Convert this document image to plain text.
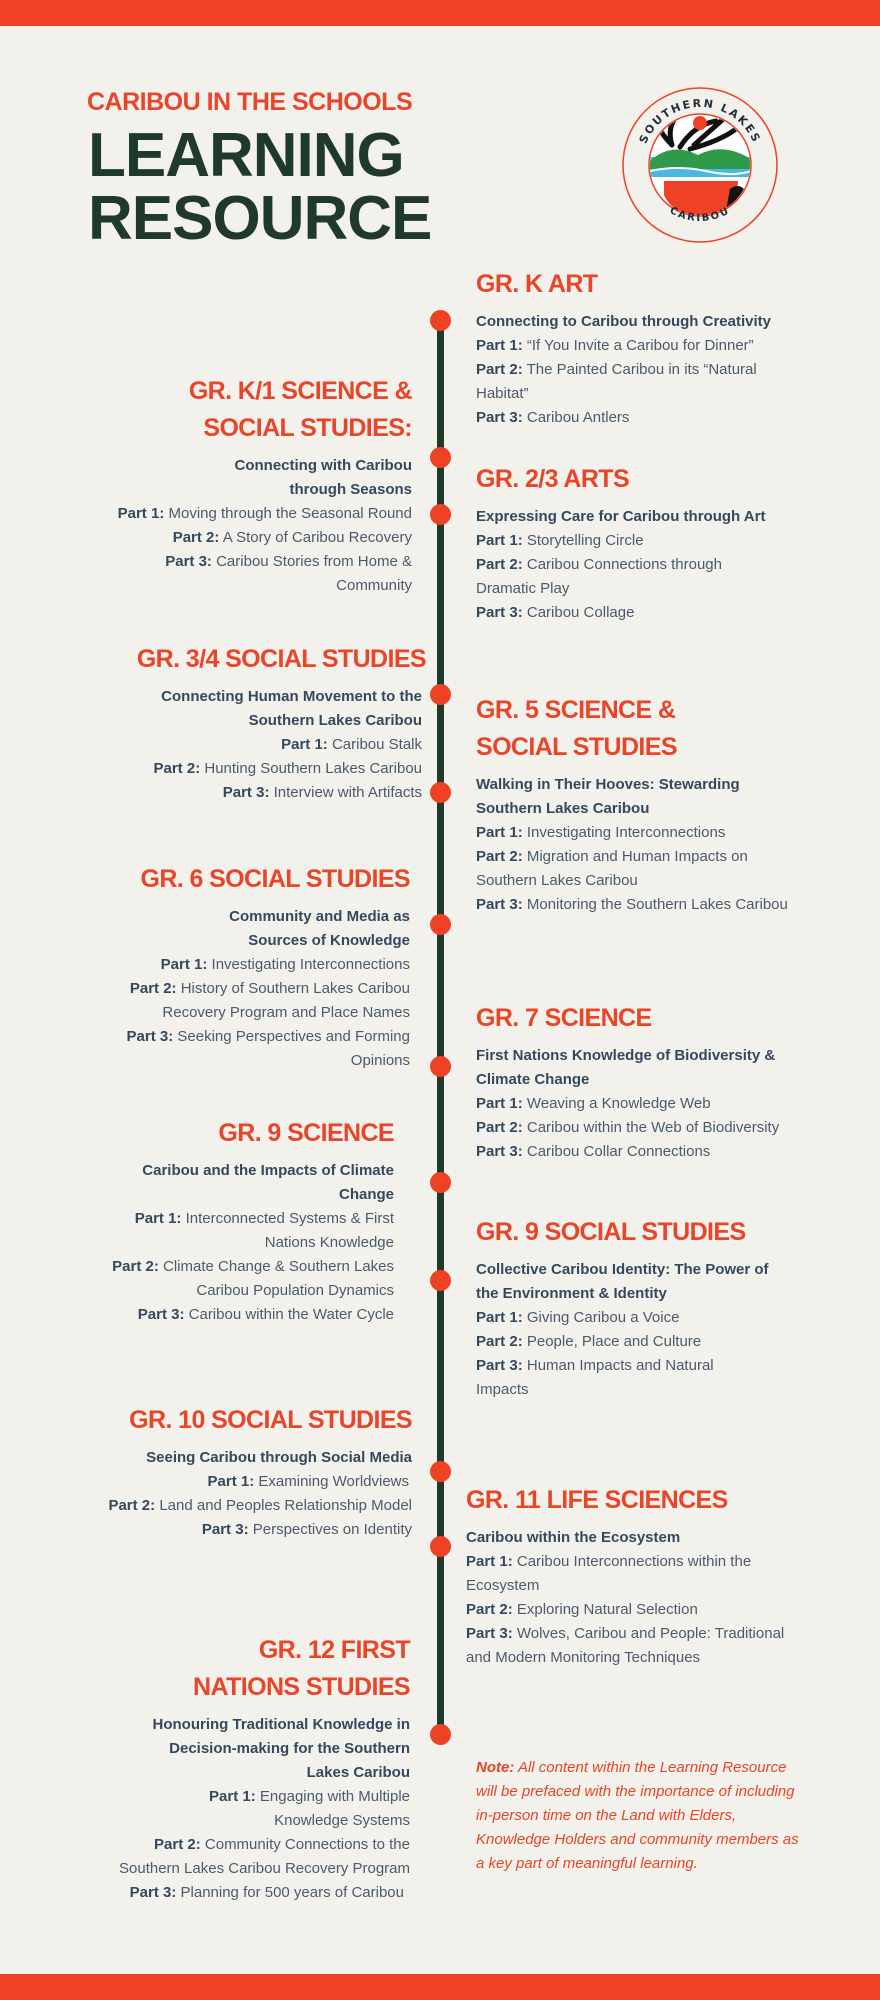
CARIBOU IN THE SCHOOLS
LEARNING
RESOURCE
SOUTHERN LAKES
CARIBOU
GR. K ART
Connecting to Caribou through Creativity
Part 1: “If You Invite a Caribou for Dinner”
Part 2: The Painted Caribou in its “Natural Habitat”
Part 3: Caribou Antlers
GR. K/1 SCIENCE & SOCIAL STUDIES:
Connecting with Caribou through Seasons
Part 1: Moving through the Seasonal Round
Part 2: A Story of Caribou Recovery
Part 3: Caribou Stories from Home & Community
GR. 2/3 ARTS
Expressing Care for Caribou through Art
Part 1: Storytelling Circle
Part 2: Caribou Connections through Dramatic Play
Part 3: Caribou Collage
GR. 3/4 SOCIAL STUDIES
Connecting Human Movement to the Southern Lakes Caribou
Part 1: Caribou Stalk
Part 2: Hunting Southern Lakes Caribou
Part 3: Interview with Artifacts
GR. 5 SCIENCE & SOCIAL STUDIES
Walking in Their Hooves: Stewarding Southern Lakes Caribou
Part 1: Investigating Interconnections
Part 2: Migration and Human Impacts on Southern Lakes Caribou
Part 3: Monitoring the Southern Lakes Caribou
GR. 6 SOCIAL STUDIES
Community and Media as Sources of Knowledge
Part 1: Investigating Interconnections
Part 2: History of Southern Lakes Caribou Recovery Program and Place Names
Part 3: Seeking Perspectives and Forming Opinions
GR. 7 SCIENCE
First Nations Knowledge of Biodiversity & Climate Change
Part 1: Weaving a Knowledge Web
Part 2: Caribou within the Web of Biodiversity
Part 3: Caribou Collar Connections
GR. 9 SCIENCE
Caribou and the Impacts of Climate Change
Part 1: Interconnected Systems & First Nations Knowledge
Part 2: Climate Change & Southern Lakes Caribou Population Dynamics
Part 3: Caribou within the Water Cycle
GR. 9 SOCIAL STUDIES
Collective Caribou Identity: The Power of the Environment & Identity
Part 1: Giving Caribou a Voice
Part 2: People, Place and Culture
Part 3: Human Impacts and Natural Impacts
GR. 10 SOCIAL STUDIES
Seeing Caribou through Social Media
Part 1: Examining Worldviews
Part 2: Land and Peoples Relationship Model
Part 3: Perspectives on Identity
GR. 11 LIFE SCIENCES
Caribou within the Ecosystem
Part 1: Caribou Interconnections within the Ecosystem
Part 2: Exploring Natural Selection
Part 3: Wolves, Caribou and People: Traditional and Modern Monitoring Techniques
GR. 12 FIRST NATIONS STUDIES
Honouring Traditional Knowledge in Decision-making for the Southern Lakes Caribou
Part 1: Engaging with Multiple Knowledge Systems
Part 2: Community Connections to the Southern Lakes Caribou Recovery Program
Part 3: Planning for 500 years of Caribou
Note: All content within the Learning Resource will be prefaced with the importance of including in-person time on the Land with Elders, Knowledge Holders and community members as a key part of meaningful learning.
